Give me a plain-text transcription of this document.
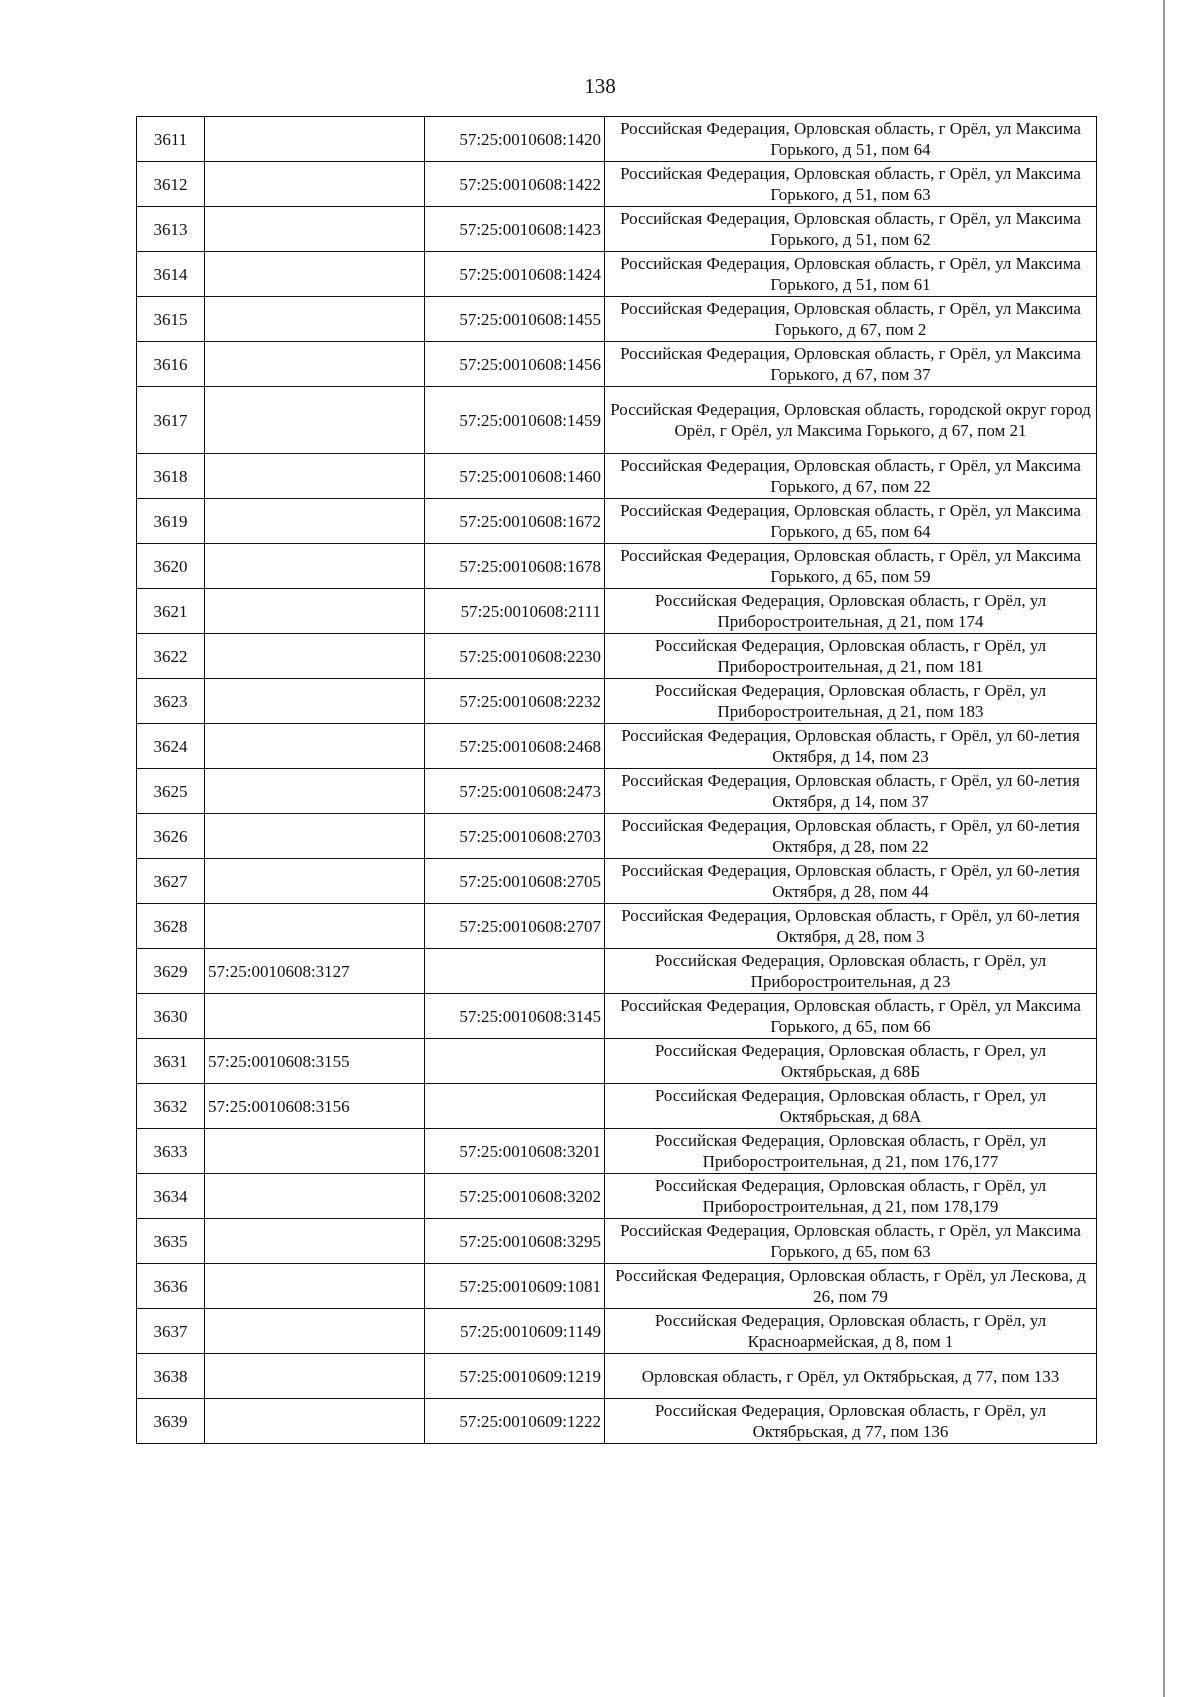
138
3611		57:25:0010608:1420	Российская Федерация, Орловская область, г Орёл, ул Максима Горького, д 51, пом 64
3612		57:25:0010608:1422	Российская Федерация, Орловская область, г Орёл, ул Максима Горького, д 51, пом 63
3613		57:25:0010608:1423	Российская Федерация, Орловская область, г Орёл, ул Максима Горького, д 51, пом 62
3614		57:25:0010608:1424	Российская Федерация, Орловская область, г Орёл, ул Максима Горького, д 51, пом 61
3615		57:25:0010608:1455	Российская Федерация, Орловская область, г Орёл, ул Максима Горького, д 67, пом 2
3616		57:25:0010608:1456	Российская Федерация, Орловская область, г Орёл, ул Максима Горького, д 67, пом 37
3617		57:25:0010608:1459	Российская Федерация, Орловская область, городской округ город Орёл, г Орёл, ул Максима Горького, д 67, пом 21
3618		57:25:0010608:1460	Российская Федерация, Орловская область, г Орёл, ул Максима Горького, д 67, пом 22
3619		57:25:0010608:1672	Российская Федерация, Орловская область, г Орёл, ул Максима Горького, д 65, пом 64
3620		57:25:0010608:1678	Российская Федерация, Орловская область, г Орёл, ул Максима Горького, д 65, пом 59
3621		57:25:0010608:2111	Российская Федерация, Орловская область, г Орёл, ул Приборостроительная, д 21, пом 174
3622		57:25:0010608:2230	Российская Федерация, Орловская область, г Орёл, ул Приборостроительная, д 21, пом 181
3623		57:25:0010608:2232	Российская Федерация, Орловская область, г Орёл, ул Приборостроительная, д 21, пом 183
3624		57:25:0010608:2468	Российская Федерация, Орловская область, г Орёл, ул 60-летия Октября, д 14, пом 23
3625		57:25:0010608:2473	Российская Федерация, Орловская область, г Орёл, ул 60-летия Октября, д 14, пом 37
3626		57:25:0010608:2703	Российская Федерация, Орловская область, г Орёл, ул 60-летия Октября, д 28, пом 22
3627		57:25:0010608:2705	Российская Федерация, Орловская область, г Орёл, ул 60-летия Октября, д 28, пом 44
3628		57:25:0010608:2707	Российская Федерация, Орловская область, г Орёл, ул 60-летия Октября, д 28, пом 3
3629	57:25:0010608:3127		Российская Федерация, Орловская область, г Орёл, ул Приборостроительная, д 23
3630		57:25:0010608:3145	Российская Федерация, Орловская область, г Орёл, ул Максима Горького, д 65, пом 66
3631	57:25:0010608:3155		Российская Федерация, Орловская область, г Орел, ул Октябрьская, д 68Б
3632	57:25:0010608:3156		Российская Федерация, Орловская область, г Орел, ул Октябрьская, д 68А
3633		57:25:0010608:3201	Российская Федерация, Орловская область, г Орёл, ул Приборостроительная, д 21, пом 176,177
3634		57:25:0010608:3202	Российская Федерация, Орловская область, г Орёл, ул Приборостроительная, д 21, пом 178,179
3635		57:25:0010608:3295	Российская Федерация, Орловская область, г Орёл, ул Максима Горького, д 65, пом 63
3636		57:25:0010609:1081	Российская Федерация, Орловская область, г Орёл, ул Лескова, д 26, пом 79
3637		57:25:0010609:1149	Российская Федерация, Орловская область, г Орёл, ул Красноармейская, д 8, пом 1
3638		57:25:0010609:1219	Орловская область, г Орёл, ул Октябрьская, д 77, пом 133
3639		57:25:0010609:1222	Российская Федерация, Орловская область, г Орёл, ул Октябрьская, д 77, пом 136
